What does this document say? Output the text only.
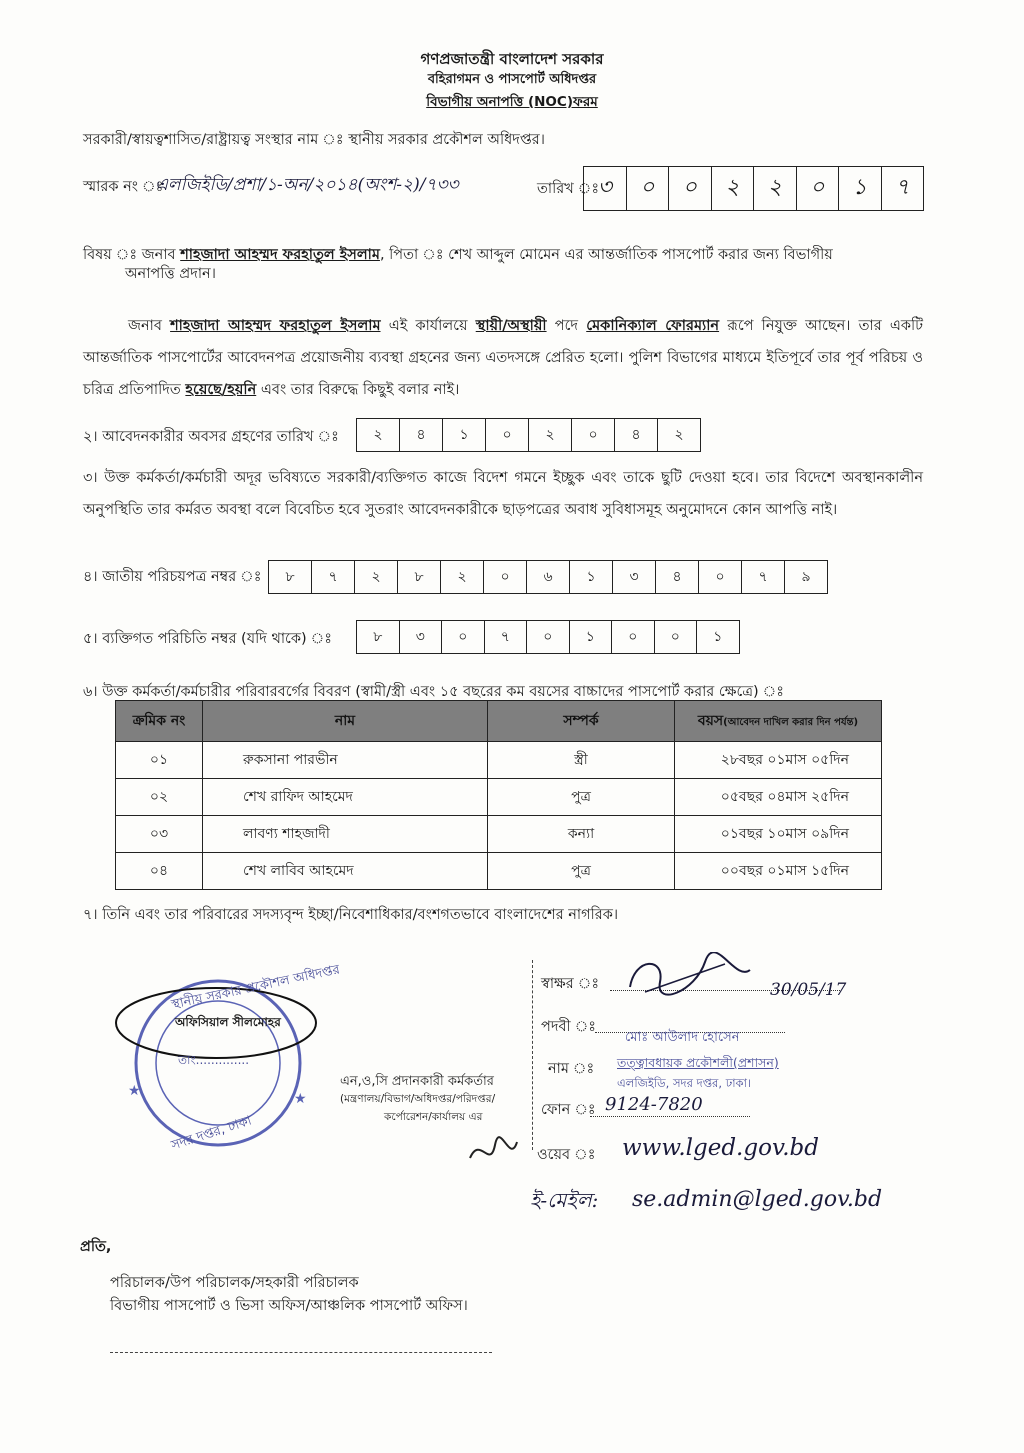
গণপ্রজাতন্ত্রী বাংলাদেশ সরকার
বহিরাগমন ও পাসপোর্ট অধিদপ্তর
বিভাগীয় অনাপত্তি (NOC)ফরম
সরকারী/স্বায়ত্বশাসিত/রাষ্ট্রায়ত্ব সংস্থার নাম ঃ স্থানীয় সরকার প্রকৌশল অধিদপ্তর।
স্মারক নং ঃ
এলজিইডি/প্রশা/১-অন/২০১৪(অংশ-২)/৭৩৩	তারিখ ঃ
৩	০	০	২	২	০	১	৭
বিষয় ঃ জনাব শাহজাদা আহম্মদ ফরহাতুল ইসলাম, পিতা ঃ শেখ আব্দুল মোমেন এর আন্তর্জাতিক পাসপোর্ট করার জন্য বিভাগীয়
অনাপত্তি প্রদান।
জনাব শাহজাদা আহম্মদ ফরহাতুল ইসলাম এই কার্যালয়ে স্থায়ী/অস্থায়ী পদে মেকানিক্যাল ফোরম্যান রূপে নিযুক্ত আছেন। তার একটি আন্তর্জাতিক পাসপোর্টের আবেদনপত্র প্রয়োজনীয় ব্যবস্থা গ্রহনের জন্য এতদসঙ্গে প্রেরিত হলো। পুলিশ বিভাগের মাধ্যমে ইতিপূর্বে তার পূর্ব পরিচয় ও চরিত্র প্রতিপাদিত হয়েছে/হয়নি এবং তার বিরুদ্ধে কিছুই বলার নাই।
২। আবেদনকারীর অবসর গ্রহণের তারিখ ঃ	২	৪	১	০	২	০	৪	২
৩। উক্ত কর্মকর্তা/কর্মচারী অদূর ভবিষ্যতে সরকারী/ব্যক্তিগত কাজে বিদেশ গমনে ইচ্ছুক এবং তাকে ছুটি দেওয়া হবে। তার বিদেশে অবস্থানকালীন অনুপস্থিতি তার কর্মরত অবস্থা বলে বিবেচিত হবে সুতরাং আবেদনকারীকে ছাড়পত্রের অবাধ সুবিধাসমূহ অনুমোদনে কোন আপত্তি নাই।
৪। জাতীয় পরিচয়পত্র নম্বর ঃ	৮	৭	২	৮	২	০	৬	১	৩	৪	০	৭	৯
৫। ব্যক্তিগত পরিচিতি নম্বর (যদি থাকে) ঃ	৮	৩	০	৭	০	১	০	০	১
৬। উক্ত কর্মকর্তা/কর্মচারীর পরিবারবর্গের বিবরণ (স্বামী/স্ত্রী এবং ১৫ বছরের কম বয়সের বাচ্চাদের পাসপোর্ট করার ক্ষেত্রে) ঃ
ক্রমিক নং	নাম	সম্পর্ক	বয়স(আবেদন দাখিল করার দিন পর্যন্ত)
০১	রুকসানা পারভীন	স্ত্রী	২৮বছর ০১মাস ০৫দিন
০২	শেখ রাফিদ আহমেদ	পুত্র	০৫বছর ০৪মাস ২৫দিন
০৩	লাবণ্য শাহজাদী	কন্যা	০১বছর ১০মাস ০৯দিন
০৪	শেখ লাবিব আহমেদ	পুত্র	০০বছর ০১মাস ১৫দিন
৭। তিনি এবং তার পরিবারের সদস্যবৃন্দ ইচ্ছা/নিবেশাধিকার/বংশগতভাবে বাংলাদেশের নাগরিক।
★	★
স্থানীয় সরকার প্রকৌশল অধিদপ্তর
সদর দপ্তর, ঢাকা
অফিসিয়াল সীলমোহর
তাং..............
এন,ও,সি প্রদানকারী কর্মকর্তার
(মন্ত্রণালয়/বিভাগ/অধিদপ্তর/পরিদপ্তর/
কর্পোরেশন/কার্যালয় এর
স্বাক্ষর ঃ	30/05/17
পদবী ঃ
মোঃ আউলাদ হোসেন
নাম ঃ তত্ত্বাবধায়ক প্রকৌশলী(প্রশাসন)
এলজিইডি, সদর দপ্তর, ঢাকা।
ফোন ঃ 9124-7820
ওয়েব ঃ www.lged.gov.bd
ই-মেইল: se.admin@lged.gov.bd
প্রতি,
পরিচালক/উপ পরিচালক/সহকারী পরিচালক
বিভাগীয় পাসপোর্ট ও ভিসা অফিস/আঞ্চলিক পাসপোর্ট অফিস।
